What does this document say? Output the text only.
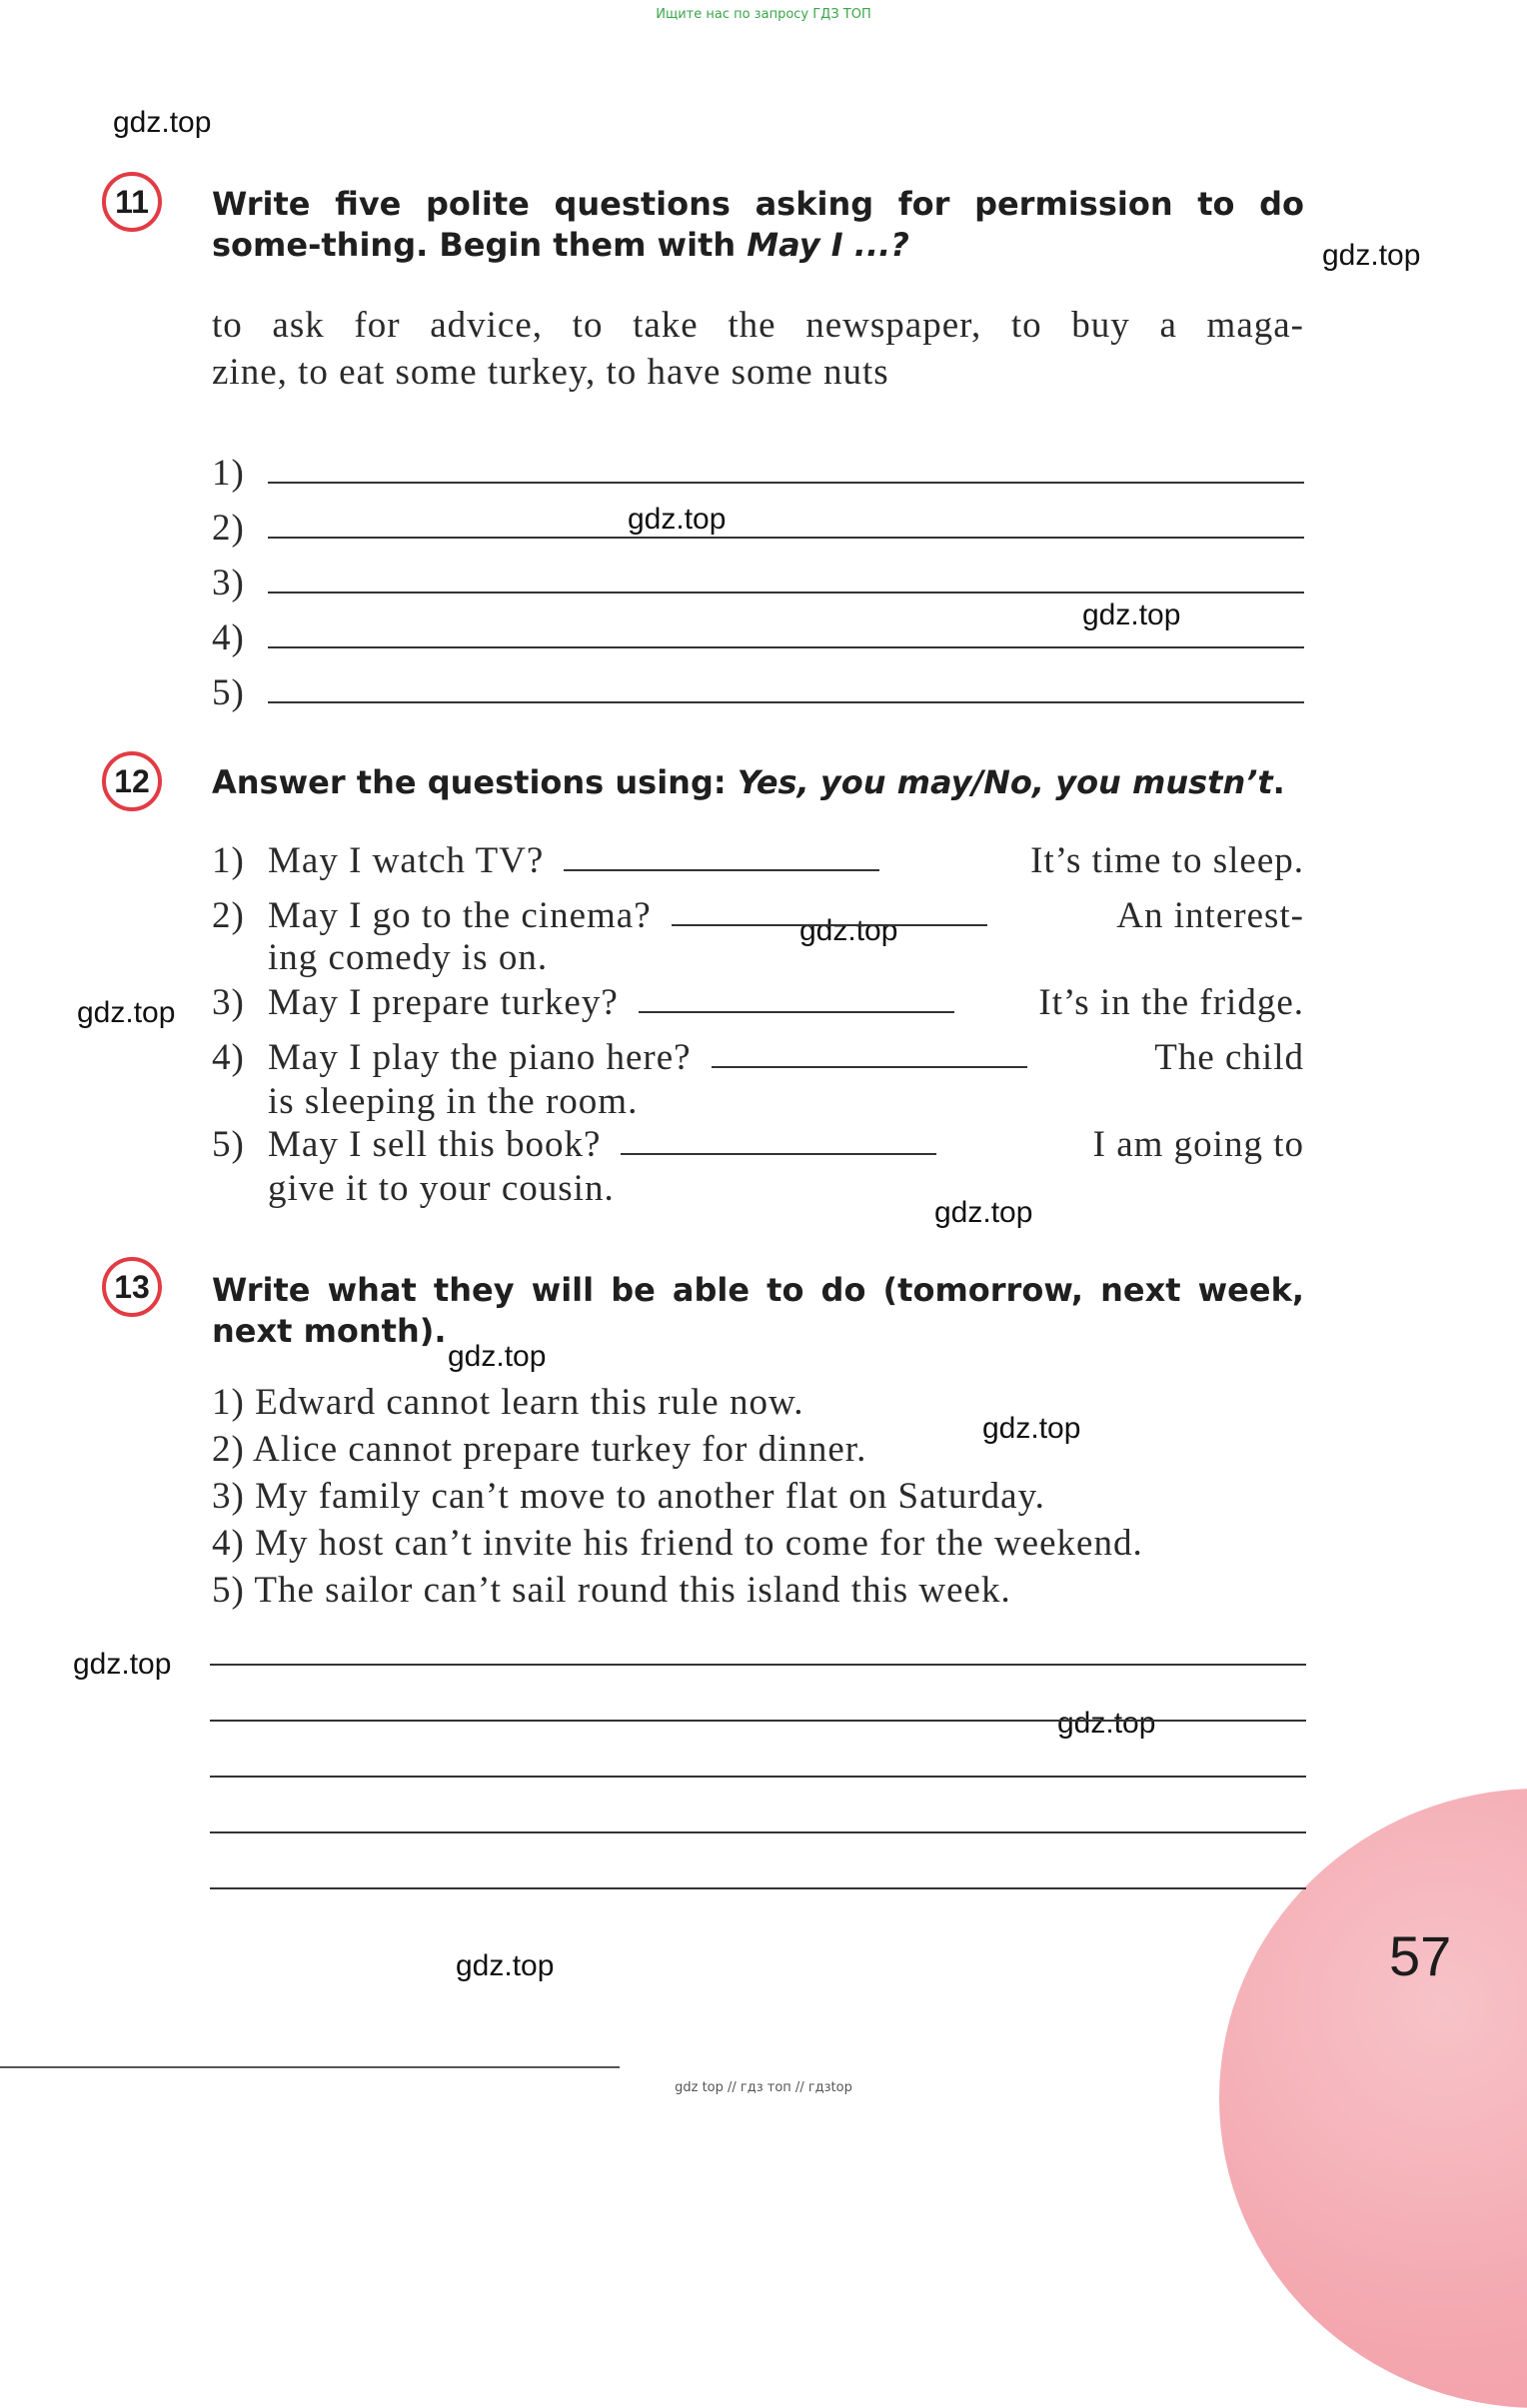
Ищите нас по запросу ГДЗ ТОП
gdz top // гдз топ // гдзtop
gdz.top
gdz.top
gdz.top
gdz.top
gdz.top
gdz.top
gdz.top
gdz.top
gdz.top
gdz.top
gdz.top
gdz.top
11	Write five polite questions asking for permission to do some-thing. Begin them with May I ...?
to ask for advice, to take the newspaper, to buy a maga-
zine, to eat some turkey, to have some nuts
1)
2)
3)
4)
5)
12	Answer the questions using: Yes, you may/No, you mustn’t.
1) May I watch TV?	It’s time to sleep.
2) May I go to the cinema?	An interest-
ing comedy is on.
3) May I prepare turkey?	It’s in the fridge.
4) May I play the piano here?	The child
is sleeping in the room.
5) May I sell this book?	I am going to
give it to your cousin.
13	Write what they will be able to do (tomorrow, next week, next month).
1) Edward cannot learn this rule now.
2) Alice cannot prepare turkey for dinner.
3) My family can’t move to another flat on Saturday.
4) My host can’t invite his friend to come for the weekend.
5) The sailor can’t sail round this island this week.
57
